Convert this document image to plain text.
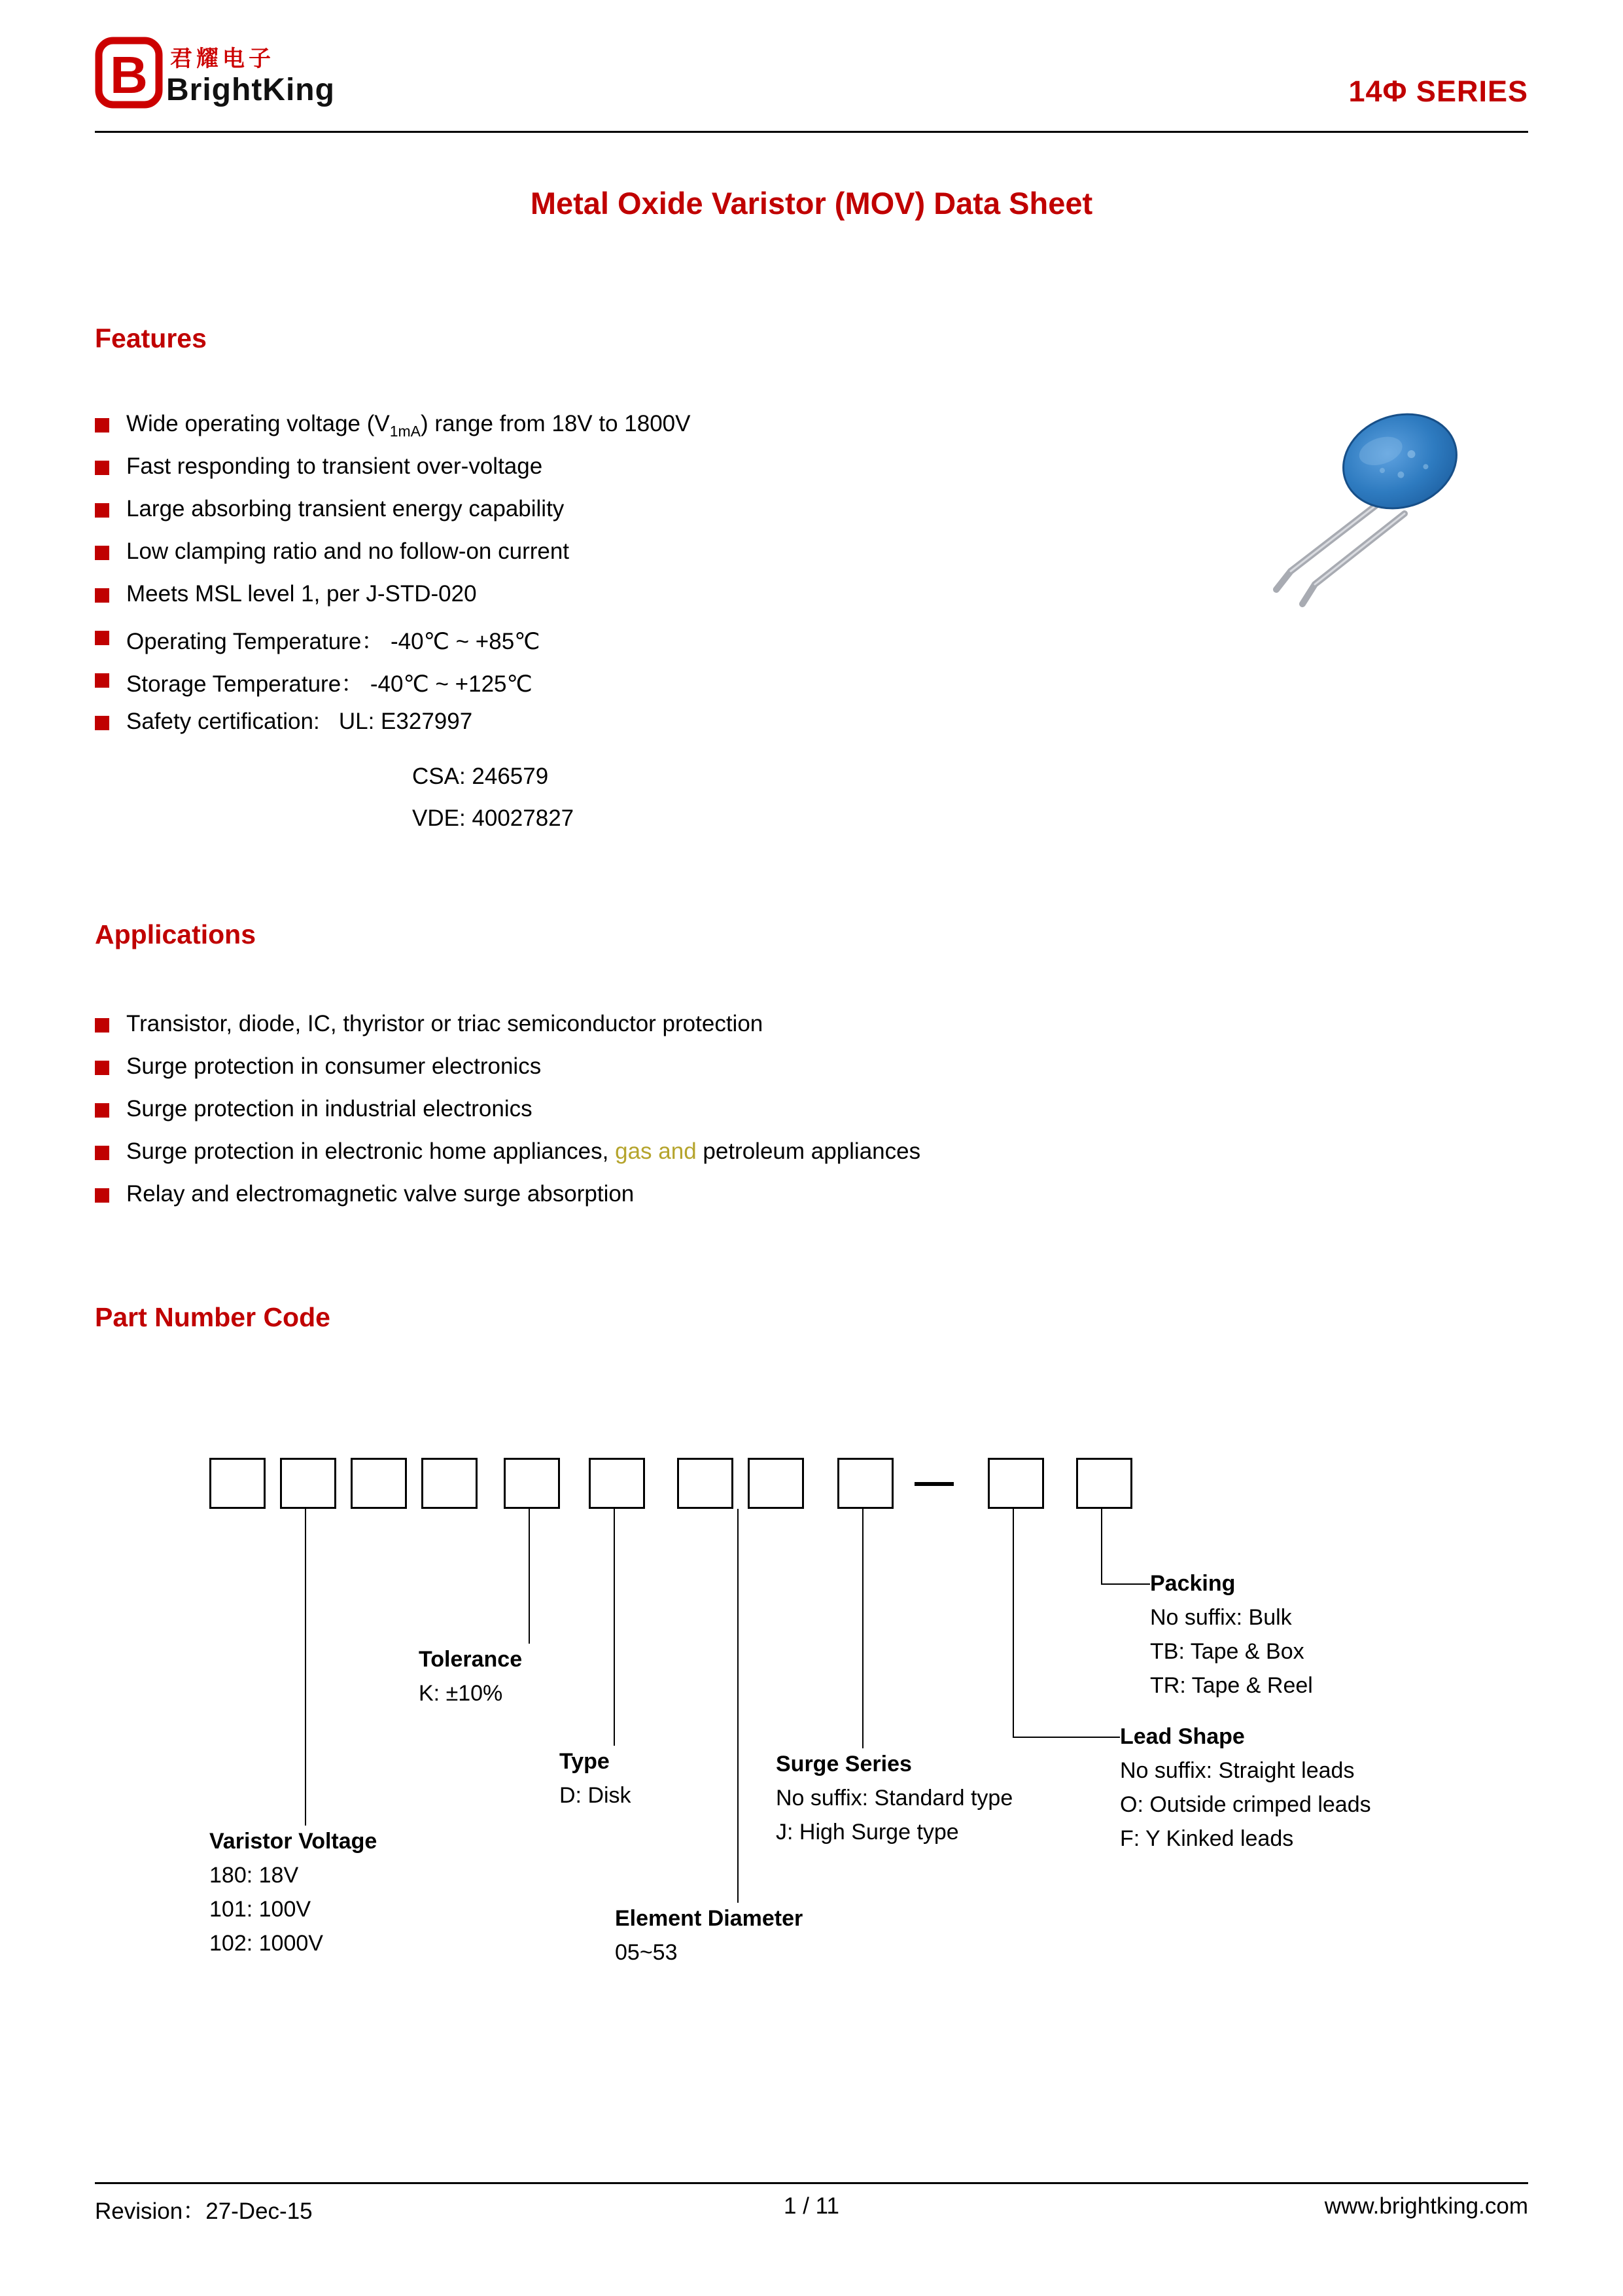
B 君耀电子
BrightKing	14Φ SERIES
Metal Oxide Varistor (MOV) Data Sheet
Features
Wide operating voltage $(V_{1mA})$ range from 18V to 1800V
Fast responding to transient over-voltage
Large absorbing transient energy capability
Low clamping ratio and no follow-on current
Meets MSL level 1, per J-STD-020
Operating Temperature： -40℃ ~ +85℃
Storage Temperature： -40℃ ~ +125℃
Safety certification:   UL: E327997
CSA: 246579
VDE: 40027827
Applications
Transistor, diode, IC, thyristor or triac semiconductor protection
Surge protection in consumer electronics
Surge protection in industrial electronics
Surge protection in electronic home appliances, gas and petroleum appliances
Relay and electromagnetic valve surge absorption
Part Number Code
—
Packing
No suffix: Bulk
TB: Tape & Box
TR: Tape & Reel
Lead Shape
No suffix: Straight leads
O: Outside crimped leads
F: Y Kinked leads
Surge Series
No suffix: Standard type
J: High Surge type
Tolerance
K: ±10%
Type
D: Disk
Varistor Voltage
180: 18V
101: 100V
102: 1000V
Element Diameter
05~53
Revision：27-Dec-15	1 / 11	www.brightking.com
